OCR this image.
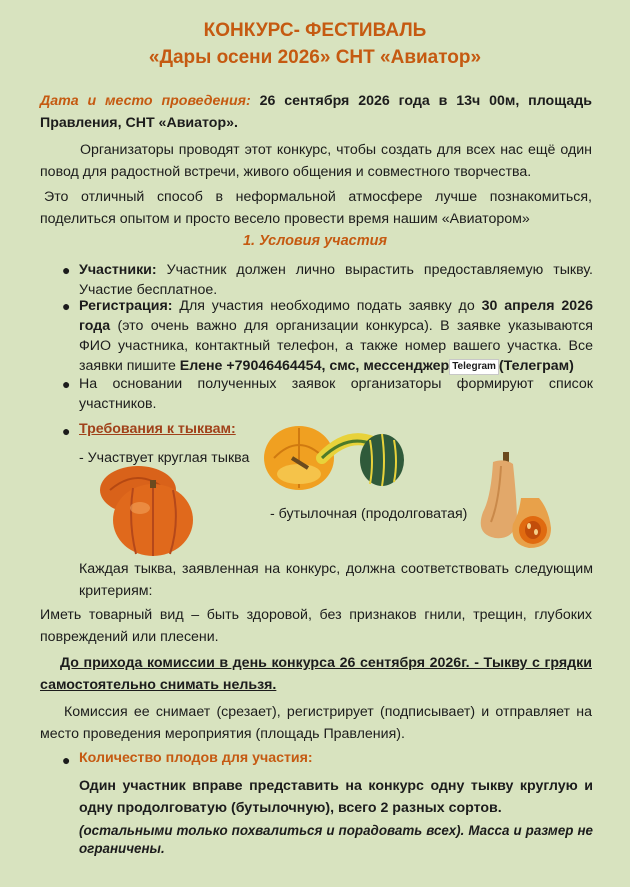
КОНКУРС- ФЕСТИВАЛЬ
«Дары осени 2026» СНТ «Авиатор»
Дата и место проведения: 26 сентября 2026 года в 13ч 00м, площадь Правления, СНТ «Авиатор».
Организаторы проводят этот конкурс, чтобы создать для всех нас ещё один повод для радостной встречи, живого общения и совместного творчества.
Это отличный способ в неформальной атмосфере лучше познакомиться, поделиться опытом и просто весело провести время нашим «Авиатором»
1. Условия участия
● Участники: Участник должен лично вырастить предоставляемую тыкву. Участие бесплатное.
● Регистрация: Для участия необходимо подать заявку до 30 апреля 2026 года (это очень важно для организации конкурса). В заявке указываются ФИО участника, контактный телефон, а также номер вашего участка. Все заявки пишите Елене +79046464454, смс, мессенджер Telegram (Телеграм)
● На основании полученных заявок организаторы формируют список участников.
● Требования к тыквам:
- Участвует круглая тыква
- бутылочная (продолговатая)
Каждая тыква, заявленная на конкурс, должна соответствовать следующим критериям:
Иметь товарный вид – быть здоровой, без признаков гнили, трещин, глубоких повреждений или плесени.
До прихода комиссии в день конкурса 26 сентября 2026г. - Тыкву с грядки самостоятельно снимать нельзя.
Комиссия ее снимает (срезает), регистрирует (подписывает) и отправляет на место проведения мероприятия (площадь Правления).
● Количество плодов для участия:
Один участник вправе представить на конкурс одну тыкву круглую и одну продолговатую (бутылочную), всего 2 разных сортов.
(остальными только похвалиться и порадовать всех). Масса и размер не ограничены.
